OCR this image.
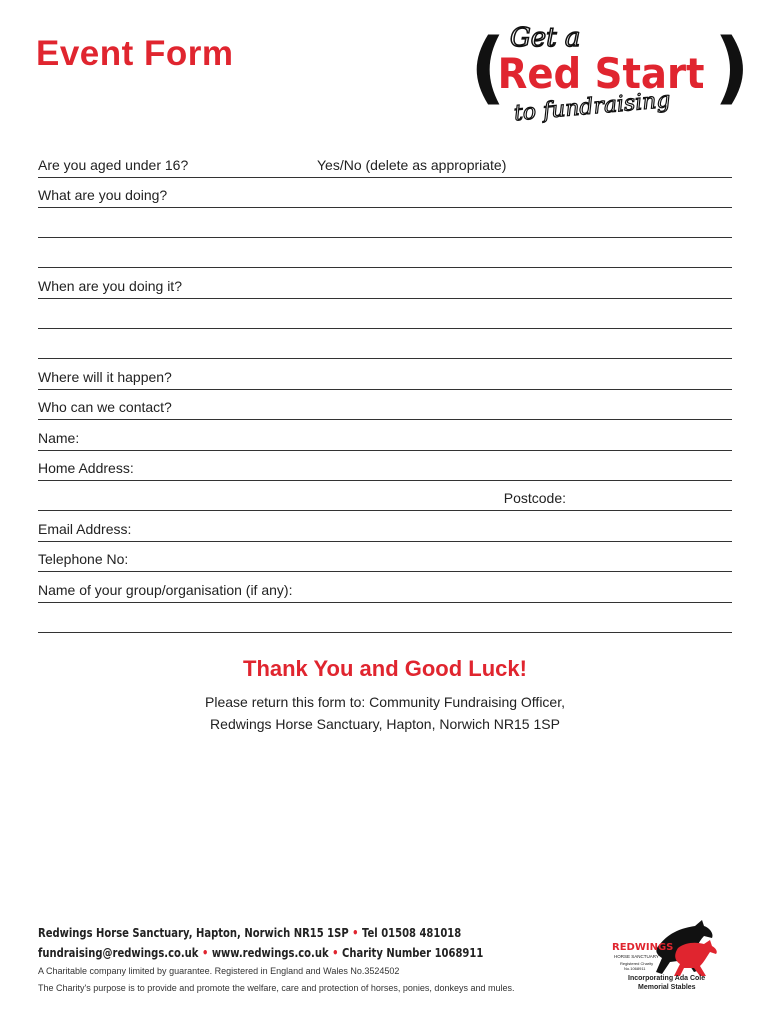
Event Form	(	)
Get a
Red Start
to fundraising
Are you aged under 16?	Yes/No (delete as appropriate)
What are you doing?
When are you doing it?
Where will it happen?
Who can we contact?
Name:
Home Address:
Postcode:
Email Address:
Telephone No:
Name of your group/organisation (if any):
Thank You and Good Luck!
Please return this form to: Community Fundraising Officer,
Redwings Horse Sanctuary, Hapton, Norwich NR15 1SP
Redwings Horse Sanctuary, Hapton, Norwich NR15 1SP • Tel 01508 481018
fundraising@redwings.co.uk • www.redwings.co.uk • Charity Number 1068911
A Charitable company limited by guarantee. Registered in England and Wales No.3524502
The Charity's purpose is to provide and promote the welfare, care and protection of horses, ponies, donkeys and mules.
REDWINGS
HORSE SANCTUARY
Registered Charity
No.1068911
Incorporating Ada Cole
Memorial Stables
